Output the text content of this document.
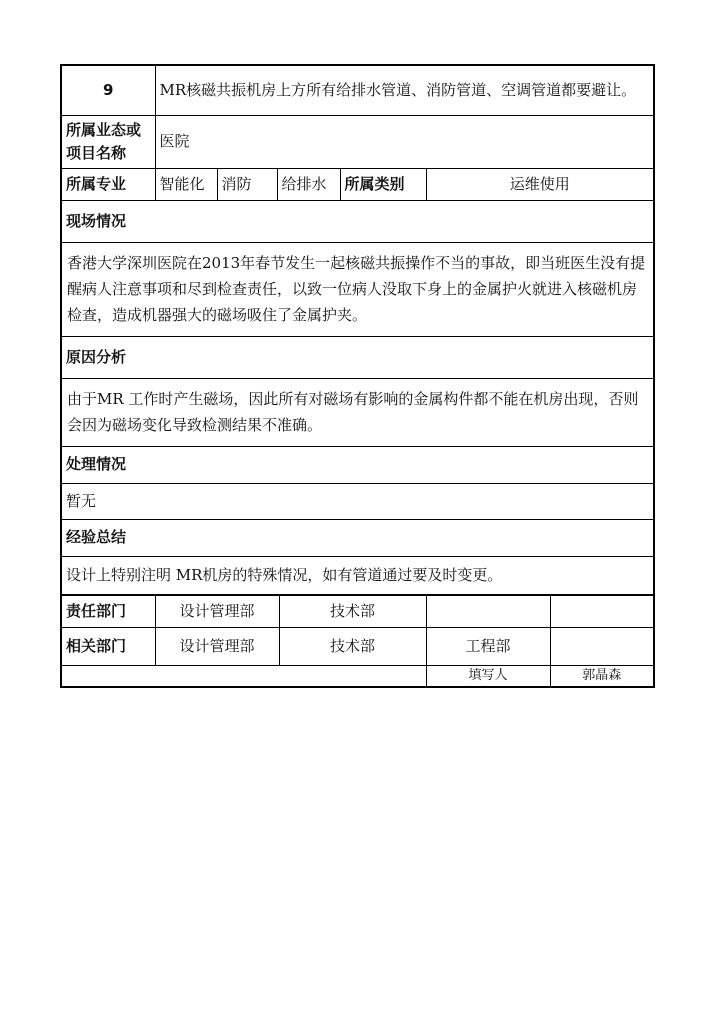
9	MR核磁共振机房上方所有给排水管道、消防管道、空调管道都要避让。				
所属业态或项目名称	医院				
所属专业	智能化	消防	给排水	所属类别	运维使用
现场情况					
香港大学深圳医院在2013年春节发生一起核磁共振操作不当的事故，即当班医生没有提醒病人注意事项和尽到检查责任，以致一位病人没取下身上的金属护火就进入核磁机房检查，造成机器强大的磁场吸住了金属护夹。					
原因分析					
由于MR 工作时产生磁场，因此所有对磁场有影响的金属构件都不能在机房出现，否则会因为磁场变化导致检测结果不准确。					
处理情况					
暂无					
经验总结					
设计上特别注明 MR机房的特殊情况，如有管道通过要及时变更。					
责任部门	设计管理部	技术部		
相关部门	设计管理部	技术部	工程部	
			填写人	郭晶森
